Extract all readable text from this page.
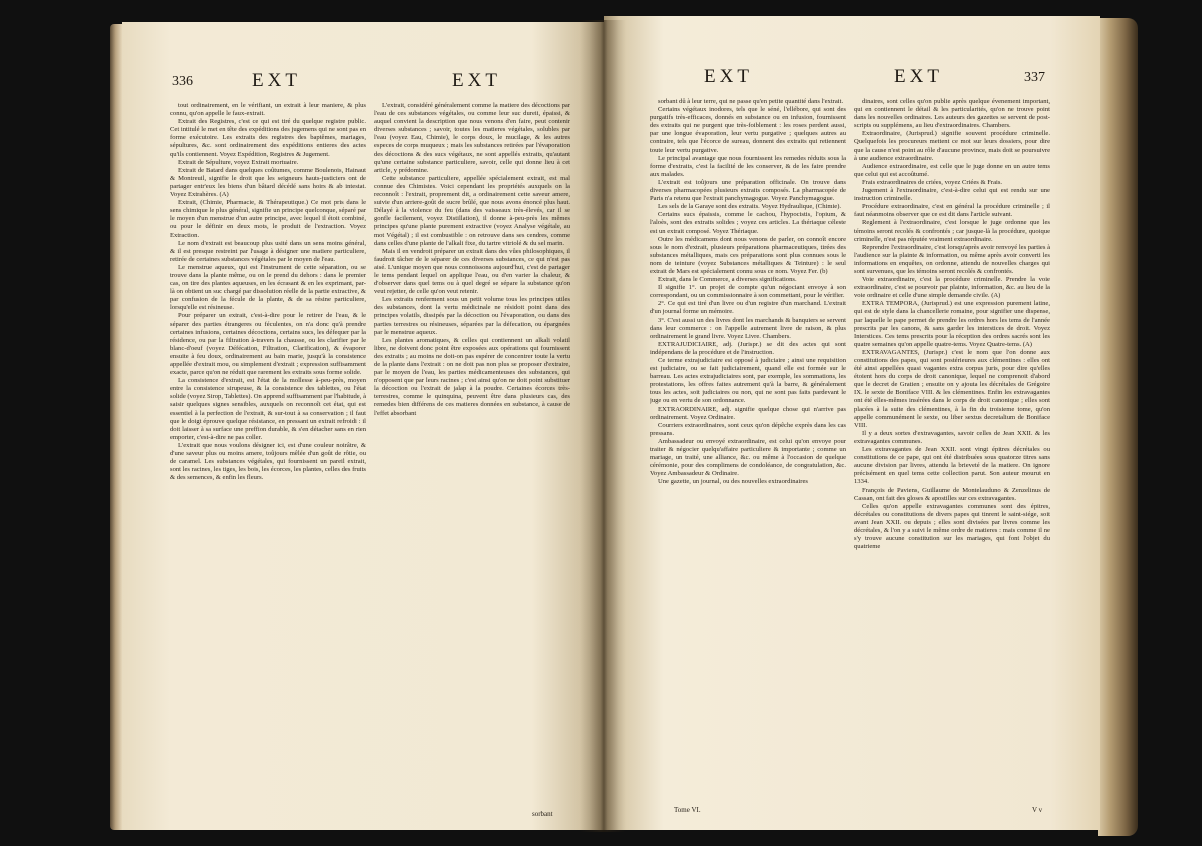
336	EXT	EXT

tout ordinairement, en le vérifiant, un extrait à leur maniere, & plus connu, qu'on appelle le faux-extrait.

Extrait des Registres, c'est ce qui est tiré du quelque registre public. Cet intitulé le met en tête des expéditions des jugemens qui ne sont pas en forme exécutoire. Les extraits des registres des baptêmes, mariages, sépultures, &c. sont ordinairement des expéditions entieres des actes qu'ils contiennent. Voyez Expédition, Registres & Jugement.

Extrait de Sépulture, voyez Extrait mortuaire.

Extrait de Batard dans quelques coûtumes, comme Boulenois, Hainaut & Montreuil, signifie le droit que les seigneurs hauts-justiciers ont de partager entr'eux les biens d'un bâtard décédé sans hoirs & ab intestat. Voyez Extrahères. (A)

Extrait, (Chimie, Pharmacie, & Thérapeutique.) Ce mot pris dans le sens chimique le plus général, signifie un principe quelconque, séparé par le moyen d'un menstrue d'un autre principe, avec lequel il étoit combiné, ou pour le définir en deux mots, le produit de l'extraction. Voyez Extraction.

Le nom d'extrait est beaucoup plus usité dans un sens moins général, & il est presque restreint par l'usage à désigner une matiere particuliere, retirée de certaines substances végétales par le moyen de l'eau.

Le menstrue aqueux, qui est l'instrument de cette séparation, ou se trouve dans la plante même, ou on le prend du dehors : dans le premier cas, on tire des plantes aqueuses, en les écrasant & en les exprimant, par-là on obtient un suc chargé par dissolution réelle de la partie extractive, & par confusion de la fécule de la plante, & de sa résine particuliere, lorsqu'elle est résineuse.

Pour préparer un extrait, c'est-à-dire pour le retirer de l'eau, & le séparer des parties étrangeres ou féculentes, on n'a donc qu'à prendre certaines infusions, certaines décoctions, certains sucs, les défequer par la résidence, ou par la filtration à-travers la chausse, ou les clarifier par le blanc-d'oeuf (voyez Défécation, Filtration, Clarification), & évaporer ensuite à feu doux, ordinairement au bain marie, jusqu'à la consistence appellée d'extrait mou, ou simplement d'extrait ; expression suffisamment exacte, parce qu'on ne réduit que rarement les extraits sous forme solide.

La consistence d'extrait, est l'état de la mollesse à-peu-près, moyen entre la consistence sirupeuse, & la consistence des tablettes, ou l'état solide (voyez Sirop, Tablettes). On apprend suffisamment par l'habitude, à saisir quelques signes sensibles, auxquels on reconnoît cet état, qui est essentiel à la perfection de l'extrait, & sur-tout à sa conservation ; il faut que le doigt éprouve quelque résistance, en pressant un extrait refroidi : il doit laisser à sa surface une preffion durable, & s'en détacher sans en rien emporter, c'est-à-dire ne pas coller.

L'extrait que nous voulons désigner ici, est d'une couleur noirâtre, & d'une saveur plus ou moins amere, toûjours mêlée d'un goût de rôtie, ou de caramel. Les substances végétales, qui fournissent un pareil extrait, sont les racines, les tiges, les bois, les écorces, les plantes, celles des fruits & des semences, & enfin les fleurs.

L'extrait, considéré généralement comme la matiere des décoctions par l'eau de ces substances végétales, ou comme leur suc dureii, épaissi, & auquel convient la description que nous venons d'en faire, peut contenir diverses substances ; savoir, toutes les matieres végétales, solubles par l'eau (voyez Eau, Chimie), le corps doux, le mucilage, & les autres especes de corps muqueux ; mais les substances retirées par l'évaporation des décoctions & des sucs végétaux, ne sont appellés extraits, qu'autant qu'une certaine substance particuliere, savoir, celle qui donne lieu à cet article, y prédomine.

Cette substance particuliere, appellée spécialement extrait, est mal connue des Chimistes. Voici cependant les propriétés auxquels on la reconnoît : l'extrait, proprement dit, a ordinairement cette saveur amere, suivie d'un arriere-goût de sucre brûlé, que nous avons énoncé plus haut. Délayé à la violence du feu (dans des vaisseaux très-élevés, car il se gonfle facilement, voyez Distillation), il donne à-peu-près les mêmes principes qu'une plante purement extractive (voyez Analyse végétale, au mot Végétal) ; il est combustible : on retrouve dans ses cendres, comme dans celles d'une plante de l'alkali fixe, du tartre vitriolé & du sel marin.

Mais il en vendroit préparer un extrait dans des vûes philosophiques, il faudroit tâcher de le séparer de ces diverses substances, ce qui n'est pas aisé. L'unique moyen que nous connoissons aujourd'hui, c'est de partager le tems pendant lequel on applique l'eau, ou d'en varier la chaleur, & d'observer dans quel tems ou à quel degré se sépare la substance qu'on veut rejetter, de celle qu'on veut retenir.

Les extraits renferment sous un petit volume tous les principes utiles des substances, dont la vertu médicinale ne résidoit point dans des principes volatils, dissipés par la décoction ou l'évaporation, ou dans des parties terrestres ou résineuses, séparées par la défecation, ou épargnées par le menstrue aqueux.

Les plantes aromatiques, & celles qui contiennent un alkali volatil libre, ne doivent donc point être exposées aux opérations qui fournissent des extraits ; au moins ne doit-on pas espérer de concentrer toute la vertu de la plante dans l'extrait : on ne doit pas non plus se proposer d'extraire, par le moyen de l'eau, les parties médicamenteuses des substances, qui n'opposent que par leurs racines ; c'est ainsi qu'on ne doit point substituer la décoction ou l'extrait de jalap à la poudre. Certaines écorces très-terrestres, comme le quinquina, peuvent être dans plusieurs cas, des remedes bien différens de ces matieres données en substance, à cause de l'effet absorbant

sorbant
EXT	EXT	337

sorbant dû à leur terre, qui ne passe qu'en petite quantité dans l'extrait.

Certains végétaux inodores, tels que le séné, l'ellébore, qui sont des purgatifs très-efficaces, donnés en substance ou en infusion, fournissent des extraits qui ne purgent que très-foiblement : les roses perdent aussi, par une longue évaporation, leur vertu purgative ; quelques autres au contraire, tels que l'écorce de sureau, donnent des extraits qui retiennent toute leur vertu purgative.

Le principal avantage que nous fournissent les remedes réduits sous la forme d'extraits, c'est la facilité de les conserver, & de les faire prendre aux malades.

L'extrait est toûjours une préparation officinale. On trouve dans diverses pharmacopées plusieurs extraits composés. La pharmacopée de Paris n'a retenu que l'extrait panchymagogue. Voyez Panchymagogue.

Les sels de la Garaye sont des extraits. Voyez Hydraulique, (Chimie).

Certains sucs épaissis, comme le cachou, l'hypocistis, l'opium, & l'aloès, sont des extraits solides ; voyez ces articles. La thériaque céleste est un extrait composé. Voyez Thériaque.

Outre les médicamens dont nous venons de parler, on connoît encore sous le nom d'extrait, plusieurs préparations pharmaceutiques, tirées des substances métalliques, mais ces préparations sont plus connues sous le nom de teinture (voyez Substances métalliques & Teinture) : le seul extrait de Mars est spécialement connu sous ce nom. Voyez Fer. (b)

Extrait, dans le Commerce, a diverses significations.

Il signifie 1°. un projet de compte qu'un négociant envoye à son correspondant, ou un commissionnaire à son commettant, pour le vérifier.

2°. Ce qui est tiré d'un livre ou d'un registre d'un marchand. L'extrait d'un journal forme un mémoire.

3°. C'est aussi un des livres dont les marchands & banquiers se servent dans leur commerce : on l'appelle autrement livre de raison, & plus ordinairement le grand livre. Voyez Livre. Chambers.

EXTRAJUDICIAIRE, adj. (Jurispr.) se dit des actes qui sont indépendans de la procédure et de l'instruction.

Ce terme extrajudiciaire est opposé à judiciaire ; ainsi une requisition est judiciaire, ou se fait judiciairement, quand elle est formée sur le barreau. Les actes extrajudiciaires sont, par exemple, les sommations, les protestations, les offres faites autrement qu'à la barre, & généralement tous les actes, soit judiciaires ou non, qui ne sont pas faits pardevant le juge ou en vertu de son ordonnance.

EXTRAORDINAIRE, adj. signifie quelque chose qui n'arrive pas ordinairement. Voyez Ordinaire.

Courriers extraordinaires, sont ceux qu'on dépêche exprès dans les cas pressans.

Ambassadeur ou envoyé extraordinaire, est celui qu'on envoye pour traiter & négocier quelqu'affaire particuliere & importante ; comme un mariage, un traité, une alliance, &c. ou même à l'occasion de quelque cérémonie, pour des complimens de condoléance, de congratulation, &c. Voyez Ambassadeur & Ordinaire.

Une gazette, un journal, ou des nouvelles extraordinaires

dinaires, sont celles qu'on publie après quelque évenement important, qui en contiennent le détail & les particularités, qu'on ne trouve point dans les nouvelles ordinaires. Les auteurs des gazettes se servent de post-scripts ou supplémens, au lieu d'extraordinaires. Chambers.

Extraordinaire, (Jurisprud.) signifie souvent procédure criminelle. Quelquefois les procureurs mettent ce mot sur leurs dossiers, pour dire que la cause n'est point au rôle d'aucune province, mais doit se poursuivre à une audience extraordinaire.

Audience extraordinaire, est celle que le juge donne en un autre tems que celui qui est accoûtumé.

Frais extraordinaires de criées, voyez Criées & Frais.

Jugement à l'extraordinaire, c'est-à-dire celui qui est rendu sur une instruction criminelle.

Procédure extraordinaire, c'est en général la procédure criminelle ; il faut néanmoins observer que ce est dit dans l'article suivant.

Reglement à l'extraordinaire, c'est lorsque le juge ordonne que les témoins seront recolés & confrontés ; car jusque-là la procédure, quoique criminelle, n'est pas réputée vraiment extraordinaire.

Reprendre l'extraordinaire, c'est lorsqu'après avoir renvoyé les parties à l'audience sur la plainte & information, ou même après avoir converti les informations en enquêtes, on ordonne, attendu de nouvelles charges qui sont survenues, que les témoins seront recolés & confrontés.

Voie extraordinaire, c'est la procédure criminelle. Prendre la voie extraordinaire, c'est se pourvoir par plainte, information, &c. au lieu de la voie ordinaire et celle d'une simple demande civile. (A)

EXTRA TEMPORA, (Jurisprud.) est une expression purement latine, qui est de style dans la chancellerie romaine, pour signifier une dispense, par laquelle le pape permet de prendre les ordres hors les tems de l'année prescrits par les canons, & sans garder les interstices de droit. Voyez Interstices. Ces tems prescrits pour la réception des ordres sacrés sont les quatre semaines qu'on appelle quatre-tems. Voyez Quatre-tems. (A)

EXTRAVAGANTES, (Jurispr.) c'est le nom que l'on donne aux constitutions des papes, qui sont postérieures aux clémentines : elles ont été ainsi appellées quasi vagantes extra corpus juris, pour dire qu'elles étoient hors du corps de droit canonique, lequel ne comprenoit d'abord que le decret de Gratien ; ensuite on y ajouta les décrétales de Grégoire IX. le sexte de Boniface VIII. & les clémentines. Enfin les extravagantes ont été elles-mêmes insérées dans le corps de droit canonique ; elles sont placées à la suite des clémentines, à la fin du troisieme tome, qu'on appelle communément le sexte, ou liber sextus decretalium de Boniface VIII.

Il y a deux sortes d'extravagantes, savoir celles de Jean XXII. & les extravagantes communes.

Les extravagantes de Jean XXII. sont vingt épitres décrétales ou constitutions de ce pape, qui ont été distribuées sous quatorze titres sans aucune division par livres, attendu la brieveté de la matiere. On ignore précisément en quel tems cette collection parut. Son auteur mourut en 1334.

François de Paviens, Guillaume de Montelauduno & Zenzelinus de Cassan, ont fait des gloses & apostilles sur ces extravagantes.

Celles qu'on appelle extravagantes communes sont des épitres, décrétales ou constitutions de divers papes qui tinrent le saint-siége, soit avant Jean XXII. ou depuis ; elles sont divisées par livres comme les décrétales, & l'on y a suivi le même ordre de matieres : mais comme il ne s'y trouve aucune constitution sur les mariages, qui font l'objet du quatrieme

Tome VI.	V v
